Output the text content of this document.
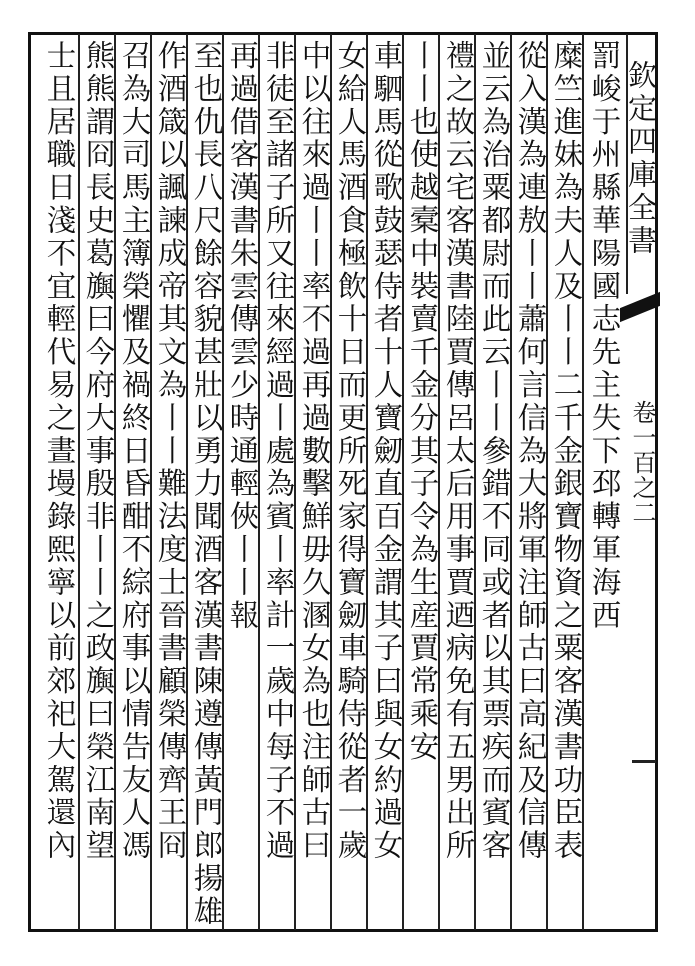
欽定四庫全書
卷一百之二
罰峻于州縣華陽國志先主失下邳轉軍海西
糜竺進妹為夫人及丨丨二千金銀寶物資之粟客漢書功臣表
從入漢為連敖丨丨蕭何言信為大將軍注師古曰高紀及信傳
並云為治粟都尉而此云丨丨參錯不同或者以其票疾而賓客
禮之故云宅客漢書陸賈傳呂太后用事賈迺病免有五男出所
丨丨也使越槖中裝賣千金分其子令為生産賈常乘安
車駟馬從歌鼓瑟侍者十人寶劒直百金謂其子曰與女約過女
女給人馬酒食極飲十日而更所死家得寶劒車騎侍從者一歲
中以往來過丨丨率不過再過數擊鮮毋久溷女為也注師古曰
非徒至諸子所又往來經過丨處為賓丨率計一歲中每子不過
再過借客漢書朱雲傳雲少時通輕俠丨丨報
至也仇長八尺餘容貌甚壯以勇力聞酒客漢書陳遵傳黃門郎揚雄
作酒箴以諷諫成帝其文為丨丨難法度士晉書顧榮傳齊王冏
召為大司馬主簿榮懼及禍終日昏酣不綜府事以情告友人馮
熊熊謂冏長史葛旟曰今府大事殷非丨丨之政旟曰榮江南望
士且居職日淺不宜輕代易之晝墁錄熙寧以前郊祀大駕還內
